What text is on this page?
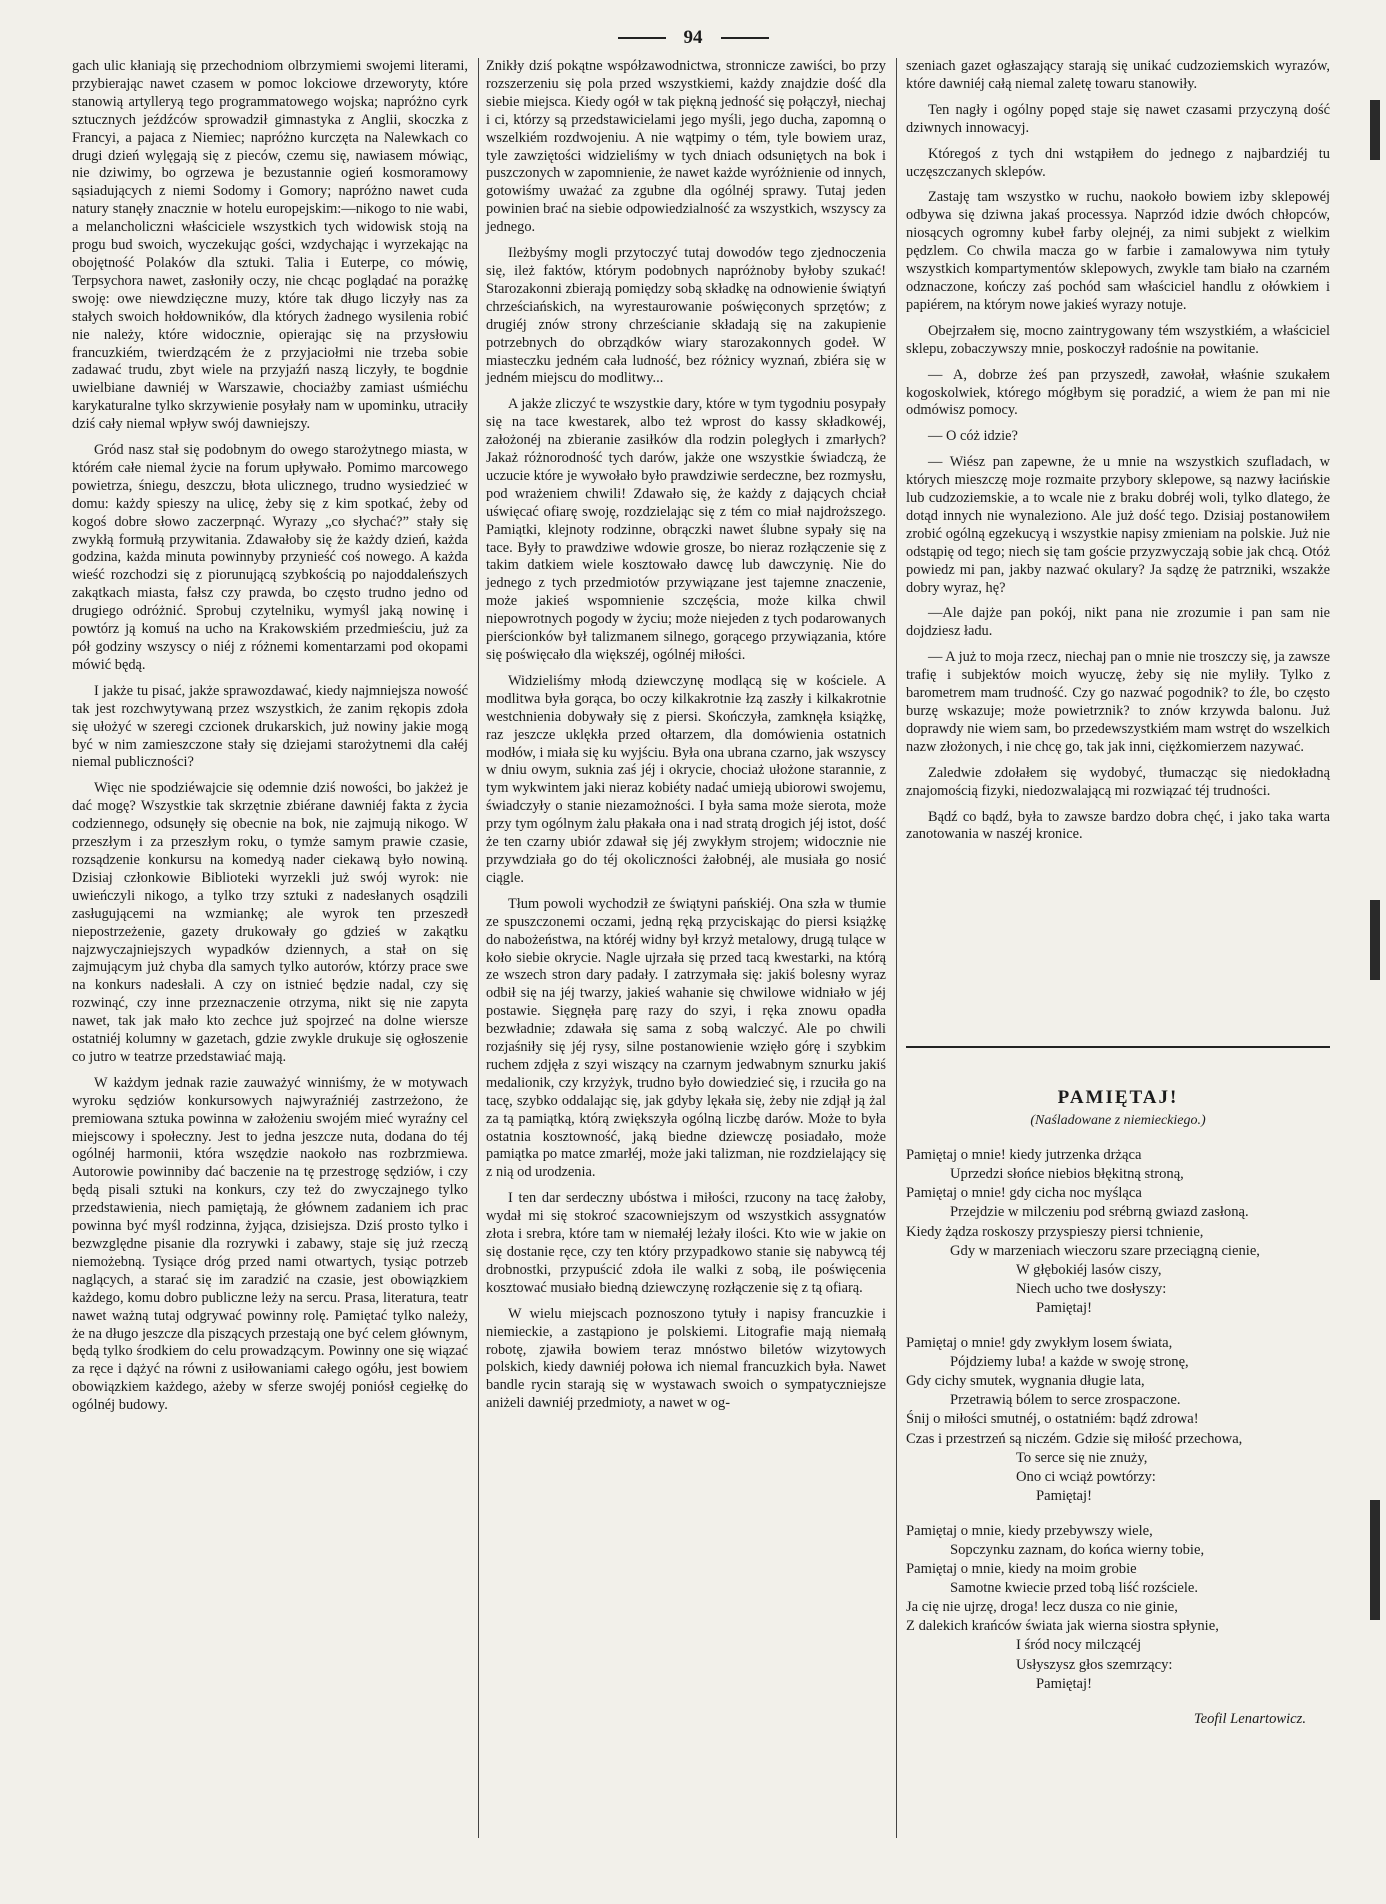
94

gach ulic kłaniają się przechodniom olbrzymiemi swojemi literami, przybierając nawet czasem w pomoc lokciowe drzeworyty, które stanowią artylleryą tego programmatowego wojska; napróżno cyrk sztucznych jeźdźców sprowadził gimnastyka z Anglii, skoczka z Francyi, a pajaca z Niemiec; napróżno kurczęta na Nalewkach co drugi dzień wylęgają się z pieców, czemu się, nawiasem mówiąc, nie dziwimy, bo ogrzewa je bezustannie ogień kosmoramowy sąsiadujących z niemi Sodomy i Gomory; napróżno nawet cuda natury stanęły znacznie w hotelu europejskim:—nikogo to nie wabi, a melancholiczni właściciele wszystkich tych widowisk stoją na progu bud swoich, wyczekując gości, wzdychając i wyrzekając na obojętność Polaków dla sztuki. Talia i Euterpe, co mówię, Terpsychora nawet, zasłoniły oczy, nie chcąc poglądać na porażkę swoję: owe niewdzięczne muzy, które tak długo liczyły nas za stałych swoich hołdowników, dla których żadnego wysilenia robić nie należy, które widocznie, opierając się na przysłowiu francuzkiém, twierdzącém że z przyjaciołmi nie trzeba sobie zadawać trudu, zbyt wiele na przyjaźń naszą liczyły, te bogdnie uwielbiane dawniéj w Warszawie, chociażby zamiast uśmiéchu karykaturalne tylko skrzywienie posyłały nam w upominku, utraciły dziś cały niemal wpływ swój dawniejszy.

Gród nasz stał się podobnym do owego starożytnego miasta, w którém całe niemal życie na forum upływało. Pomimo marcowego powietrza, śniegu, deszczu, błota ulicznego, trudno wysiedzieć w domu: każdy spieszy na ulicę, żeby się z kim spotkać, żeby od kogoś dobre słowo zaczerpnąć. Wyrazy „co słychać?” stały się zwykłą formułą przywitania. Zdawałoby się że każdy dzień, każda godzina, każda minuta powinnyby przynieść coś nowego. A każda wieść rozchodzi się z piorunującą szybkością po najoddaleńszych zakątkach miasta, fałsz czy prawda, bo często trudno jedno od drugiego odróżnić. Sprobuj czytelniku, wymyśl jaką nowinę i powtórz ją komuś na ucho na Krakowskiém przedmieściu, już za pół godziny wszyscy o niéj z różnemi komentarzami pod okopami mówić będą.

I jakże tu pisać, jakże sprawozdawać, kiedy najmniejsza nowość tak jest rozchwytywaną przez wszystkich, że zanim rękopis zdoła się ułożyć w szeregi czcionek drukarskich, już nowiny jakie mogą być w nim zamieszczone stały się dziejami starożytnemi dla całéj niemal publiczności?

Więc nie spodziéwajcie się odemnie dziś nowości, bo jakżeż je dać mogę? Wszystkie tak skrzętnie zbiérane dawniéj fakta z życia codziennego, odsunęły się obecnie na bok, nie zajmują nikogo. W przeszłym i za przeszłym roku, o tymże samym prawie czasie, rozsądzenie konkursu na komedyą nader ciekawą było nowiną. Dzisiaj członkowie Biblioteki wyrzekli już swój wyrok: nie uwieńczyli nikogo, a tylko trzy sztuki z nadesłanych osądzili zasługującemi na wzmiankę; ale wyrok ten przeszedł niepostrzeżenie, gazety drukowały go gdzieś w zakątku najzwyczajniejszych wypadków dziennych, a stał on się zajmującym już chyba dla samych tylko autorów, którzy prace swe na konkurs nadesłali. A czy on istnieć będzie nadal, czy się rozwinąć, czy inne przeznaczenie otrzyma, nikt się nie zapyta nawet, tak jak mało kto zechce już spojrzeć na dolne wiersze ostatniéj kolumny w gazetach, gdzie zwykle drukuje się ogłoszenie co jutro w teatrze przedstawiać mają.

W każdym jednak razie zauważyć winniśmy, że w motywach wyroku sędziów konkursowych najwyraźniéj zastrzeżono, że premiowana sztuka powinna w założeniu swojém mieć wyraźny cel miejscowy i społeczny. Jest to jedna jeszcze nuta, dodana do téj ogólnéj harmonii, która wszędzie naokoło nas rozbrzmiewa. Autorowie powinniby dać baczenie na tę przestrogę sędziów, i czy będą pisali sztuki na konkurs, czy też do zwyczajnego tylko przedstawienia, niech pamiętają, że głównem zadaniem ich prac powinna być myśl rodzinna, żyjąca, dzisiejsza. Dziś prosto tylko i bezwzględne pisanie dla rozrywki i zabawy, staje się już rzeczą niemożebną. Tysiące dróg przed nami otwartych, tysiąc potrzeb naglących, a starać się im zaradzić na czasie, jest obowiązkiem każdego, komu dobro publiczne leży na sercu. Prasa, literatura, teatr nawet ważną tutaj odgrywać powinny rolę. Pamiętać tylko należy, że na długo jeszcze dla piszących przestają one być celem głównym, będą tylko środkiem do celu prowadzącym. Powinny one się wiązać za ręce i dążyć na równi z usiłowaniami całego ogółu, jest bowiem obowiązkiem każdego, ażeby w sferze swojéj poniósł cegiełkę do ogólnéj budowy.

Znikły dziś pokątne współzawodnictwa, stronnicze zawiści, bo przy rozszerzeniu się pola przed wszystkiemi, każdy znajdzie dość dla siebie miejsca. Kiedy ogół w tak piękną jedność się połączył, niechaj i ci, którzy są przedstawicielami jego myśli, jego ducha, zapomną o wszelkiém rozdwojeniu. A nie wątpimy o tém, tyle bowiem uraz, tyle zawziętości widzieliśmy w tych dniach odsuniętych na bok i puszczonych w zapomnienie, że nawet każde wyróżnienie od innych, gotowiśmy uważać za zgubne dla ogólnéj sprawy. Tutaj jeden powinien brać na siebie odpowiedzialność za wszystkich, wszyscy za jednego.

Ileżbyśmy mogli przytoczyć tutaj dowodów tego zjednoczenia się, ileż faktów, którym podobnych napróżnoby byłoby szukać! Starozakonni zbierają pomiędzy sobą składkę na odnowienie świątyń chrześciańskich, na wyrestaurowanie poświęconych sprzętów; z drugiéj znów strony chrześcianie składają się na zakupienie potrzebnych do obrządków wiary starozakonnych godeł. W miasteczku jedném cała ludność, bez różnicy wyznań, zbiéra się w jedném miejscu do modlitwy...

A jakże zliczyć te wszystkie dary, które w tym tygodniu posypały się na tace kwestarek, albo też wprost do kassy składkowéj, założonéj na zbieranie zasiłków dla rodzin poległych i zmarłych? Jakaż różnorodność tych darów, jakże one wszystkie świadczą, że uczucie które je wywołało było prawdziwie serdeczne, bez rozmysłu, pod wrażeniem chwili! Zdawało się, że każdy z dających chciał uświęcać ofiarę swoję, rozdzielając się z tém co miał najdroższego. Pamiątki, klejnoty rodzinne, obrączki nawet ślubne sypały się na tace. Były to prawdziwe wdowie grosze, bo nieraz rozłączenie się z takim datkiem wiele kosztowało dawcę lub dawczynię. Nie do jednego z tych przedmiotów przywiązane jest tajemne znaczenie, może jakieś wspomnienie szczęścia, może kilka chwil niepowrotnych pogody w życiu; może niejeden z tych podarowanych pierścionków był talizmanem silnego, gorącego przywiązania, które się poświęcało dla większéj, ogólnéj miłości.

Widzieliśmy młodą dziewczynę modlącą się w kościele. A modlitwa była gorąca, bo oczy kilkakrotnie łzą zaszły i kilkakrotnie westchnienia dobywały się z piersi. Skończyła, zamknęła książkę, raz jeszcze uklękła przed ołtarzem, dla domówienia ostatnich modłów, i miała się ku wyjściu. Była ona ubrana czarno, jak wszyscy w dniu owym, suknia zaś jéj i okrycie, chociaż ułożone starannie, z tym wykwintem jaki nieraz kobiéty nadać umieją ubiorowi swojemu, świadczyły o stanie niezamożności. I była sama może sierota, może przy tym ogólnym żalu płakała ona i nad stratą drogich jéj istot, dość że ten czarny ubiór zdawał się jéj zwykłym strojem; widocznie nie przywdziała go do téj okoliczności żałobnéj, ale musiała go nosić ciągle.

Tłum powoli wychodził ze świątyni pańskiéj. Ona szła w tłumie ze spuszczonemi oczami, jedną ręką przyciskając do piersi książkę do nabożeństwa, na któréj widny był krzyż metalowy, drugą tulące w koło siebie okrycie. Nagle ujrzała się przed tacą kwestarki, na którą ze wszech stron dary padały. I zatrzymała się: jakiś bolesny wyraz odbił się na jéj twarzy, jakieś wahanie się chwilowe widniało w jéj postawie. Sięgnęła parę razy do szyi, i ręka znowu opadła bezwładnie; zdawała się sama z sobą walczyć. Ale po chwili rozjaśniły się jéj rysy, silne postanowienie wzięło górę i szybkim ruchem zdjęła z szyi wiszący na czarnym jedwabnym sznurku jakiś medalionik, czy krzyżyk, trudno było dowiedzieć się, i rzuciła go na tacę, szybko oddalając się, jak gdyby lękała się, żeby nie zdjął ją żal za tą pamiątką, którą zwiększyła ogólną liczbę darów. Może to była ostatnia kosztowność, jaką biedne dziewczę posiadało, może pamiątka po matce zmarłéj, może jaki talizman, nie rozdzielający się z nią od urodzenia.

I ten dar serdeczny ubóstwa i miłości, rzucony na tacę żałoby, wydał mi się stokroć szacowniejszym od wszystkich assygnatów złota i srebra, które tam w niemałéj leżały ilości. Kto wie w jakie on się dostanie ręce, czy ten który przypadkowo stanie się nabywcą téj drobnostki, przypuścić zdoła ile walki z sobą, ile poświęcenia kosztować musiało biedną dziewczynę rozłączenie się z tą ofiarą.

W wielu miejscach poznoszono tytuły i napisy francuzkie i niemieckie, a zastąpiono je polskiemi. Litografie mają niemałą robotę, zjawiła bowiem teraz mnóstwo biletów wizytowych polskich, kiedy dawniéj połowa ich niemal francuzkich była. Nawet bandle rycin starają się w wystawach swoich o sympatyczniejsze aniżeli dawniéj przedmioty, a nawet w og-

szeniach gazet ogłaszający starają się unikać cudzoziemskich wyrazów, które dawniéj całą niemal zaletę towaru stanowiły.

Ten nagły i ogólny popęd staje się nawet czasami przyczyną dość dziwnych innowacyj.

Któregoś z tych dni wstąpiłem do jednego z najbardziéj tu uczęszczanych sklepów.

Zastaję tam wszystko w ruchu, naokoło bowiem izby sklepowéj odbywa się dziwna jakaś processya. Naprzód idzie dwóch chłopców, niosących ogromny kubeł farby olejnéj, za nimi subjekt z wielkim pędzlem. Co chwila macza go w farbie i zamalowywa nim tytuły wszystkich kompartymentów sklepowych, zwykle tam biało na czarném odznaczone, kończy zaś pochód sam właściciel handlu z ołówkiem i papiérem, na którym nowe jakieś wyrazy notuje.

Obejrzałem się, mocno zaintrygowany tém wszystkiém, a właściciel sklepu, zobaczywszy mnie, poskoczył radośnie na powitanie.

— A, dobrze żeś pan przyszedł, zawołał, właśnie szukałem kogoskolwiek, którego mógłbym się poradzić, a wiem że pan mi nie odmówisz pomocy.

— O cóż idzie?

— Wiész pan zapewne, że u mnie na wszystkich szufladach, w których mieszczę moje rozmaite przybory sklepowe, są nazwy łacińskie lub cudzoziemskie, a to wcale nie z braku dobréj woli, tylko dlatego, że dotąd innych nie wynaleziono. Ale już dość tego. Dzisiaj postanowiłem zrobić ogólną egzekucyą i wszystkie napisy zmieniam na polskie. Już nie odstąpię od tego; niech się tam goście przyzwyczają sobie jak chcą. Otóż powiedz mi pan, jakby nazwać okulary? Ja sądzę że patrzniki, wszakże dobry wyraz, hę?

—Ale dajże pan pokój, nikt pana nie zrozumie i pan sam nie dojdziesz ładu.

— A już to moja rzecz, niechaj pan o mnie nie troszczy się, ja zawsze trafię i subjektów moich wyuczę, żeby się nie myliły. Tylko z barometrem mam trudność. Czy go nazwać pogodnik? to źle, bo często burzę wskazuje; może powietrznik? to znów krzywda balonu. Już doprawdy nie wiem sam, bo przedewszystkiém mam wstręt do wszelkich nazw złożonych, i nie chcę go, tak jak inni, ciężkomierzem nazywać.

Zaledwie zdołałem się wydobyć, tłumacząc się niedokładną znajomością fizyki, niedozwalającą mi rozwiązać téj trudności.

Bądź co bądź, była to zawsze bardzo dobra chęć, i jako taka warta zanotowania w naszéj kronice.

PAMIĘTAJ!
(Naśladowane z niemieckiego.)
Pamiętaj o mnie! kiedy jutrzenka drżąca
Uprzedzi słońce niebios błękitną stroną,
Pamiętaj o mnie! gdy cicha noc myśląca
Przejdzie w milczeniu pod srébrną gwiazd zasłoną.
Kiedy żądza roskoszy przyspieszy piersi tchnienie,
Gdy w marzeniach wieczoru szare przeciągną cienie,
W głębokiéj lasów ciszy,
Niech ucho twe dosłyszy:
Pamiętaj!
Pamiętaj o mnie! gdy zwykłym losem świata,
Pójdziemy luba! a każde w swoję stronę,
Gdy cichy smutek, wygnania długie lata,
Przetrawią bólem to serce zrospaczone.
Śnij o miłości smutnéj, o ostatniém: bądź zdrowa!
Czas i przestrzeń są niczém. Gdzie się miłość przechowa,
To serce się nie znuży,
Ono ci wciąż powtórzy:
Pamiętaj!
Pamiętaj o mnie, kiedy przebywszy wiele,
Sopczynku zaznam, do końca wierny tobie,
Pamiętaj o mnie, kiedy na moim grobie
Samotne kwiecie przed tobą liść rozściele.
Ja cię nie ujrzę, droga! lecz dusza co nie ginie,
Z dalekich krańców świata jak wierna siostra spłynie,
I śród nocy milczącéj
Usłyszysz głos szemrzący:
Pamiętaj!
Teofil Lenartowicz.
